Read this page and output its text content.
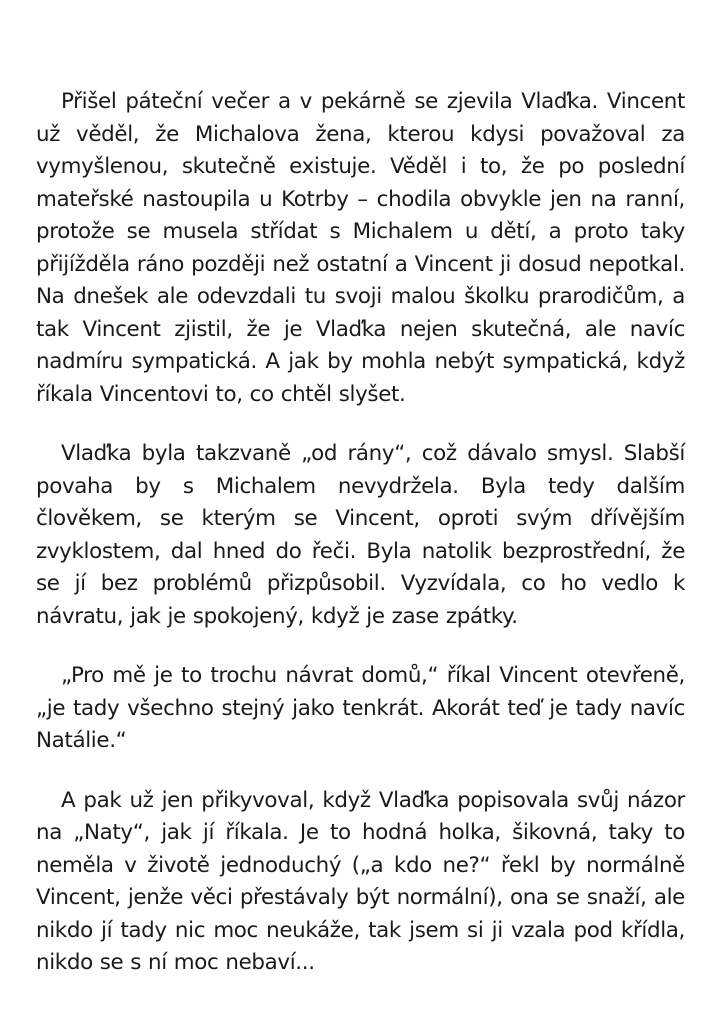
Přišel páteční večer a v pekárně se zjevila Vlaďka. Vincent už věděl, že Michalova žena, kterou kdysi považoval za vymyšlenou, skutečně existuje. Věděl i to, že po poslední mateřské nastoupila u Kotrby – chodila obvykle jen na ranní, protože se musela střídat s Michalem u dětí, a proto taky přijížděla ráno později než ostatní a Vincent ji dosud nepotkal. Na dnešek ale odevzdali tu svoji malou školku prarodičům, a tak Vincent zjistil, že je Vlaďka nejen skutečná, ale navíc nadmíru sympatická. A jak by mohla nebýt sympatická, když říkala Vincentovi to, co chtěl slyšet.

Vlaďka byla takzvaně „od rány“, což dávalo smysl. Slabší povaha by s Michalem nevydržela. Byla tedy dalším člověkem, se kterým se Vincent, oproti svým dřívějším zvyklostem, dal hned do řeči. Byla natolik bezprostřední, že se jí bez problémů přizpůsobil. Vyzvídala, co ho vedlo k návratu, jak je spokojený, když je zase zpátky.

„Pro mě je to trochu návrat domů,“ říkal Vincent otevřeně, „je tady všechno stejný jako tenkrát. Akorát teď je tady navíc Natálie.“

A pak už jen přikyvoval, když Vlaďka popisovala svůj názor na „Naty“, jak jí říkala. Je to hodná holka, šikovná, taky to neměla v životě jednoduchý („a kdo ne?“ řekl by normálně Vincent, jenže věci přestávaly být normální), ona se snaží, ale nikdo jí tady nic moc neukáže, tak jsem si ji vzala pod křídla, nikdo se s ní moc nebaví...
